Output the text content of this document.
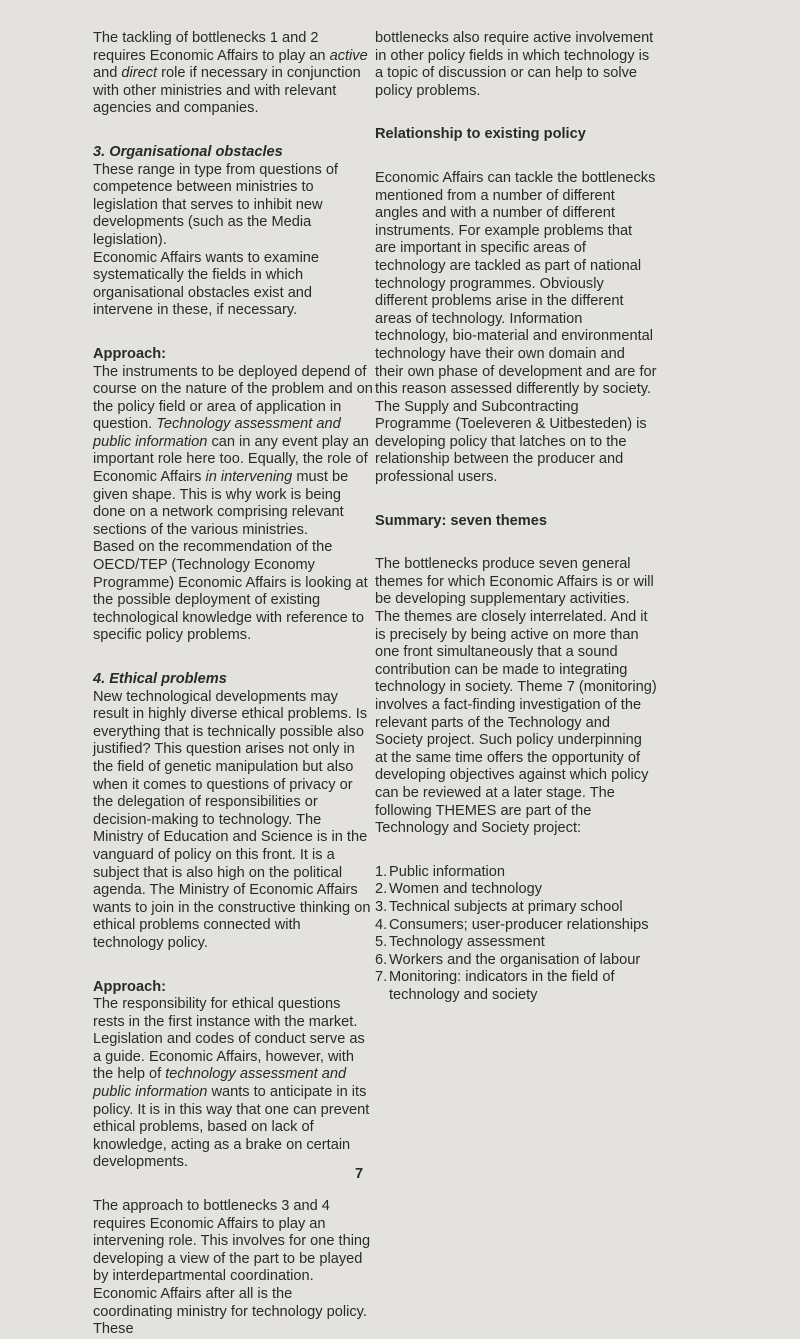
The tackling of bottlenecks 1 and 2 requires Economic Affairs to play an active and direct role if necessary in conjunction with other ministries and with relevant agencies and companies.

3. Organisational obstacles

These range in type from questions of competence between ministries to legislation that serves to inhibit new developments (such as the Media legislation).

Economic Affairs wants to examine systematically the fields in which organisational obstacles exist and intervene in these, if necessary.

Approach:

The instruments to be deployed depend of course on the nature of the problem and on the policy field or area of application in question. Technology assessment and public information can in any event play an important role here too. Equally, the role of Economic Affairs in intervening must be given shape. This is why work is being done on a network comprising relevant sections of the various ministries.

Based on the recommendation of the OECD/TEP (Technology Economy Programme) Economic Affairs is looking at the possible deployment of existing technological knowledge with reference to specific policy problems.

4. Ethical problems

New technological developments may result in highly diverse ethical problems. Is everything that is technically possible also justified? This question arises not only in the field of genetic manipulation but also when it comes to questions of privacy or the delegation of responsibilities or decision-making to technology. The Ministry of Education and Science is in the vanguard of policy on this front. It is a subject that is also high on the political agenda. The Ministry of Economic Affairs wants to join in the constructive thinking on ethical problems connected with technology policy.

Approach:

The responsibility for ethical questions rests in the first instance with the market. Legislation and codes of conduct serve as a guide. Economic Affairs, however, with the help of technology assessment and public information wants to anticipate in its policy. It is in this way that one can prevent ethical problems, based on lack of knowledge, acting as a brake on certain developments.

The approach to bottlenecks 3 and 4 requires Economic Affairs to play an intervening role. This involves for one thing developing a view of the part to be played by interdepartmental coordination. Economic Affairs after all is the coordinating ministry for technology policy. These

bottlenecks also require active involvement in other policy fields in which technology is a topic of discussion or can help to solve policy problems.

Relationship to existing policy

Economic Affairs can tackle the bottlenecks mentioned from a number of different angles and with a number of different instruments. For example problems that are important in specific areas of technology are tackled as part of national technology programmes. Obviously different problems arise in the different areas of technology. Information technology, bio-material and environmental technology have their own domain and their own phase of development and are for this reason assessed differently by society. The Supply and Subcontracting Programme (Toeleveren & Uitbesteden) is developing policy that latches on to the relationship between the producer and professional users.

Summary: seven themes

The bottlenecks produce seven general themes for which Economic Affairs is or will be developing supplementary activities. The themes are closely interrelated. And it is precisely by being active on more than one front simultaneously that a sound contribution can be made to integrating technology in society. Theme 7 (monitoring) involves a fact-finding investigation of the relevant parts of the Technology and Society project. Such policy underpinning at the same time offers the opportunity of developing objectives against which policy can be reviewed at a later stage. The following THEMES are part of the Technology and Society project:

1. Public information
2. Women and technology
3. Technical subjects at primary school
4. Consumers; user-producer relationships
5. Technology assessment
6. Workers and the organisation of labour
7. Monitoring: indicators in the field of technology and society
7
